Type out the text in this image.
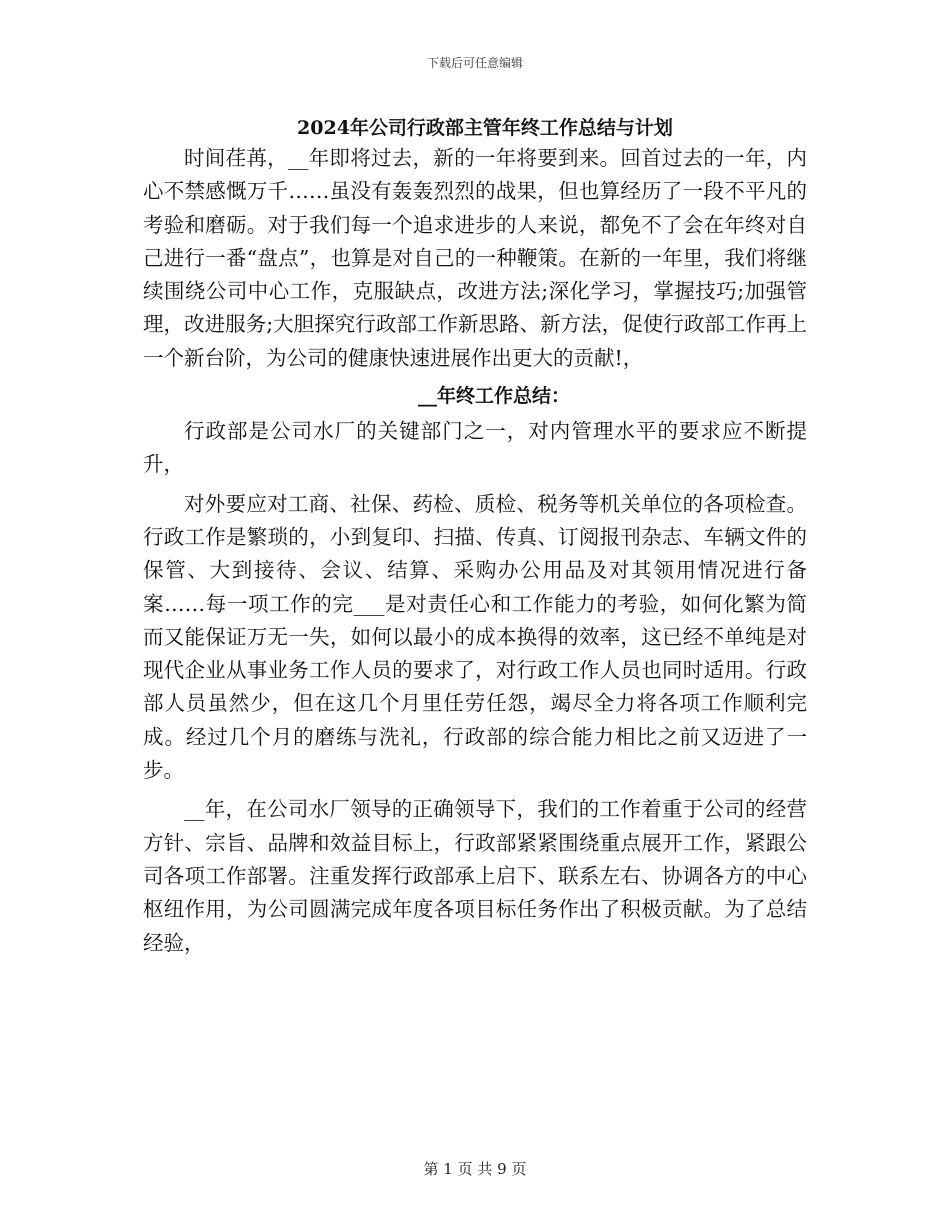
下载后可任意编辑
2024年公司行政部主管年终工作总结与计划

时间荏苒，__年即将过去，新的一年将要到来。回首过去的一年，内心不禁感慨万千……虽没有轰轰烈烈的战果，但也算经历了一段不平凡的考验和磨砺。对于我们每一个追求进步的人来说，都免不了会在年终对自己进行一番“盘点”，也算是对自己的一种鞭策。在新的一年里，我们将继续围绕公司中心工作，克服缺点，改进方法;深化学习，掌握技巧;加强管理，改进服务;大胆探究行政部工作新思路、新方法，促使行政部工作再上一个新台阶，为公司的健康快速进展作出更大的贡献!，

__年终工作总结：

行政部是公司水厂的关键部门之一，对内管理水平的要求应不断提升，

对外要应对工商、社保、药检、质检、税务等机关单位的各项检查。行政工作是繁琐的，小到复印、扫描、传真、订阅报刊杂志、车辆文件的保管、大到接待、会议、结算、采购办公用品及对其领用情况进行备案……每一项工作的完___是对责任心和工作能力的考验，如何化繁为简而又能保证万无一失，如何以最小的成本换得的效率，这已经不单纯是对现代企业从事业务工作人员的要求了，对行政工作人员也同时适用。行政部人员虽然少，但在这几个月里任劳任怨，竭尽全力将各项工作顺利完成。经过几个月的磨练与洗礼，行政部的综合能力相比之前又迈进了一步。

__年，在公司水厂领导的正确领导下，我们的工作着重于公司的经营方针、宗旨、品牌和效益目标上，行政部紧紧围绕重点展开工作，紧跟公司各项工作部署。注重发挥行政部承上启下、联系左右、协调各方的中心枢纽作用，为公司圆满完成年度各项目标任务作出了积极贡献。为了总结经验，

第 1 页 共 9 页
